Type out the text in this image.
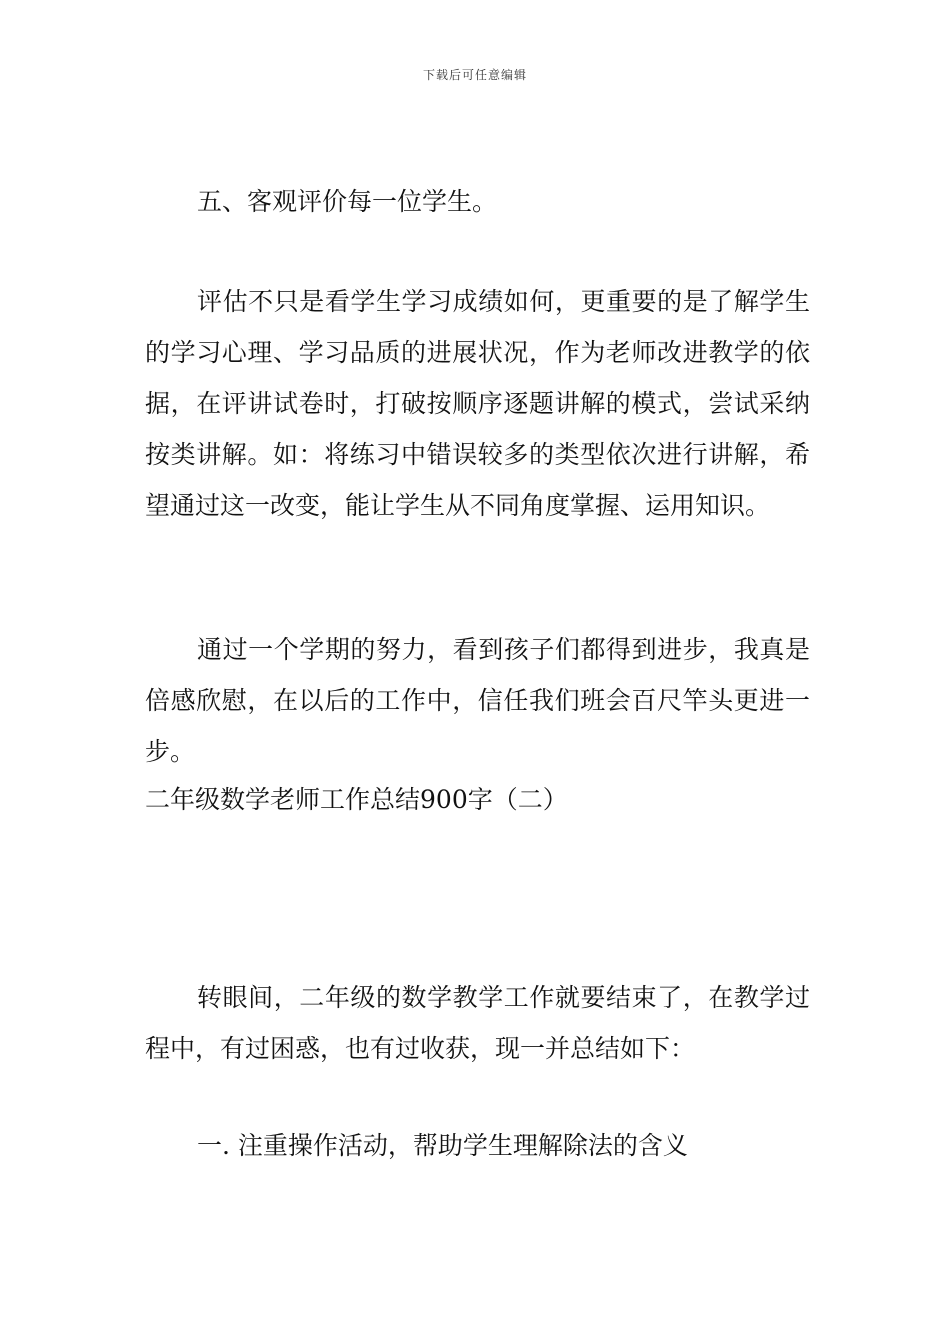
下载后可任意编辑

五、客观评价每一位学生。

评估不只是看学生学习成绩如何，更重要的是了解学生的学习心理、学习品质的进展状况，作为老师改进教学的依据，在评讲试卷时，打破按顺序逐题讲解的模式，尝试采纳按类讲解。如：将练习中错误较多的类型依次进行讲解，希望通过这一改变，能让学生从不同角度掌握、运用知识。

通过一个学期的努力，看到孩子们都得到进步，我真是倍感欣慰，在以后的工作中，信任我们班会百尺竿头更进一步。

二年级数学老师工作总结900字（二）

转眼间，二年级的数学教学工作就要结束了，在教学过程中，有过困惑，也有过收获，现一并总结如下：

一. 注重操作活动，帮助学生理解除法的含义
